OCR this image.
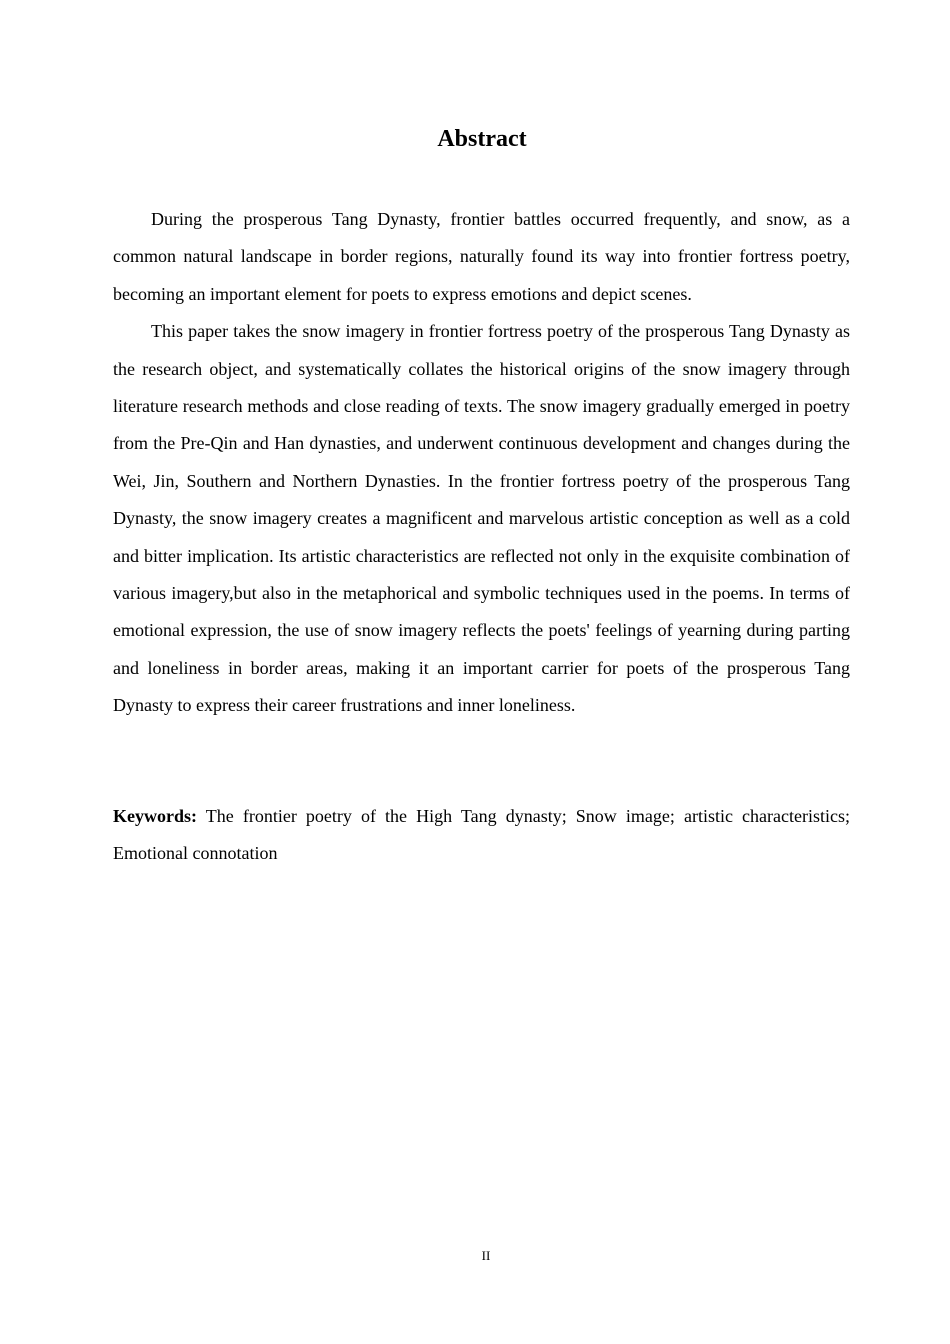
Abstract

During the prosperous Tang Dynasty, frontier battles occurred frequently, and snow, as a common natural landscape in border regions, naturally found its way into frontier fortress poetry, becoming an important element for poets to express emotions and depict scenes.

This paper takes the snow imagery in frontier fortress poetry of the prosperous Tang Dynasty as the research object, and systematically collates the historical origins of the snow imagery through literature research methods and close reading of texts. The snow imagery gradually emerged in poetry from the Pre-Qin and Han dynasties, and underwent continuous development and changes during the Wei, Jin, Southern and Northern Dynasties. In the frontier fortress poetry of the prosperous Tang Dynasty, the snow imagery creates a magnificent and marvelous artistic conception as well as a cold and bitter implication. Its artistic characteristics are reflected not only in the exquisite combination of various imagery,but also in the metaphorical and symbolic techniques used in the poems. In terms of emotional expression, the use of snow imagery reflects the poets' feelings of yearning during parting and loneliness in border areas, making it an important carrier for poets of the prosperous Tang Dynasty to express their career frustrations and inner loneliness.

Keywords: The frontier poetry of the High Tang dynasty; Snow image; artistic characteristics; Emotional connotation

II
